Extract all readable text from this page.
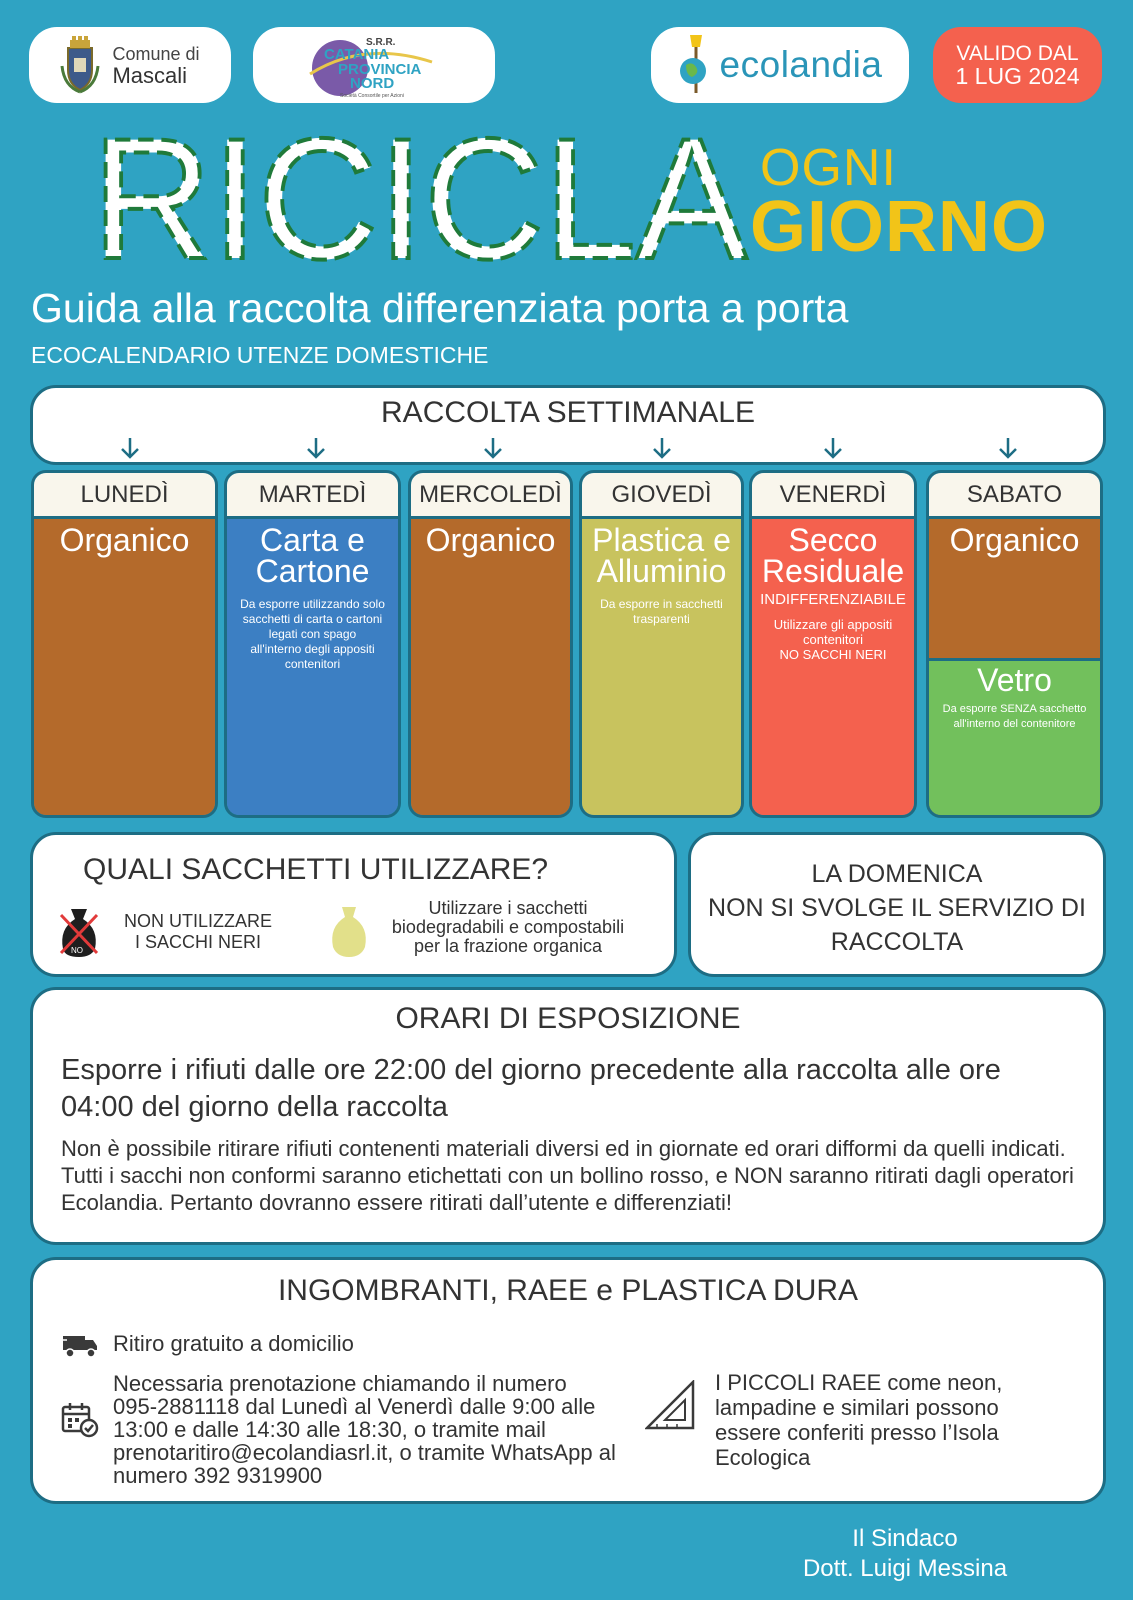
Comune di
Mascali
S.R.R.
CATANIA
PROVINCIA
NORD
Società Consortile per Azioni
ecolandia	VALIDO DAL
1 LUG 2024
RICICLA OGNI
GIORNO
Guida alla raccolta differenziata porta a porta
ECOCALENDARIO UTENZE DOMESTICHE
RACCOLTA SETTIMANALE
LUNEDÌ
Organico
MARTEDÌ
Carta e
Cartone
Da esporre utilizzando solo
sacchetti di carta o cartoni
legati con spago
all'interno degli appositi
contenitori
MERCOLEDÌ
Organico
GIOVEDÌ
Plastica e
Alluminio
Da esporre in sacchetti
trasparenti
VENERDÌ
Secco
Residuale
INDIFFERENZIABILE
Utilizzare gli appositi
contenitori
NO SACCHI NERI
SABATO
Organico
Vetro
Da esporre SENZA sacchetto
all'interno del contenitore
QUALI SACCHETTI UTILIZZARE?
NO
NON UTILIZZARE
I SACCHI NERI
Utilizzare i sacchetti
biodegradabili e compostabili
per la frazione organica
LA DOMENICA
NON SI SVOLGE IL SERVIZIO DI
RACCOLTA
ORARI DI ESPOSIZIONE
Esporre i rifiuti dalle ore 22:00 del giorno precedente alla raccolta alle ore 04:00 del giorno della raccolta
Non è possibile ritirare rifiuti contenenti materiali diversi ed in giornate ed orari difformi da quelli indicati. Tutti i sacchi non conformi saranno etichettati con un bollino rosso, e NON saranno ritirati dagli operatori Ecolandia. Pertanto dovranno essere ritirati dall’utente e differenziati!
INGOMBRANTI, RAEE e PLASTICA DURA
Ritiro gratuito a domicilio
Necessaria prenotazione chiamando il numero
095-2881118 dal Lunedì al Venerdì dalle 9:00 alle
13:00 e dalle 14:30 alle 18:30, o tramite mail
prenotaritiro@ecolandiasrl.it, o tramite WhatsApp al
numero 392 9319900
I PICCOLI RAEE come neon,
lampadine e similari possono
essere conferiti presso l’Isola
Ecologica
Il Sindaco
Dott. Luigi Messina
